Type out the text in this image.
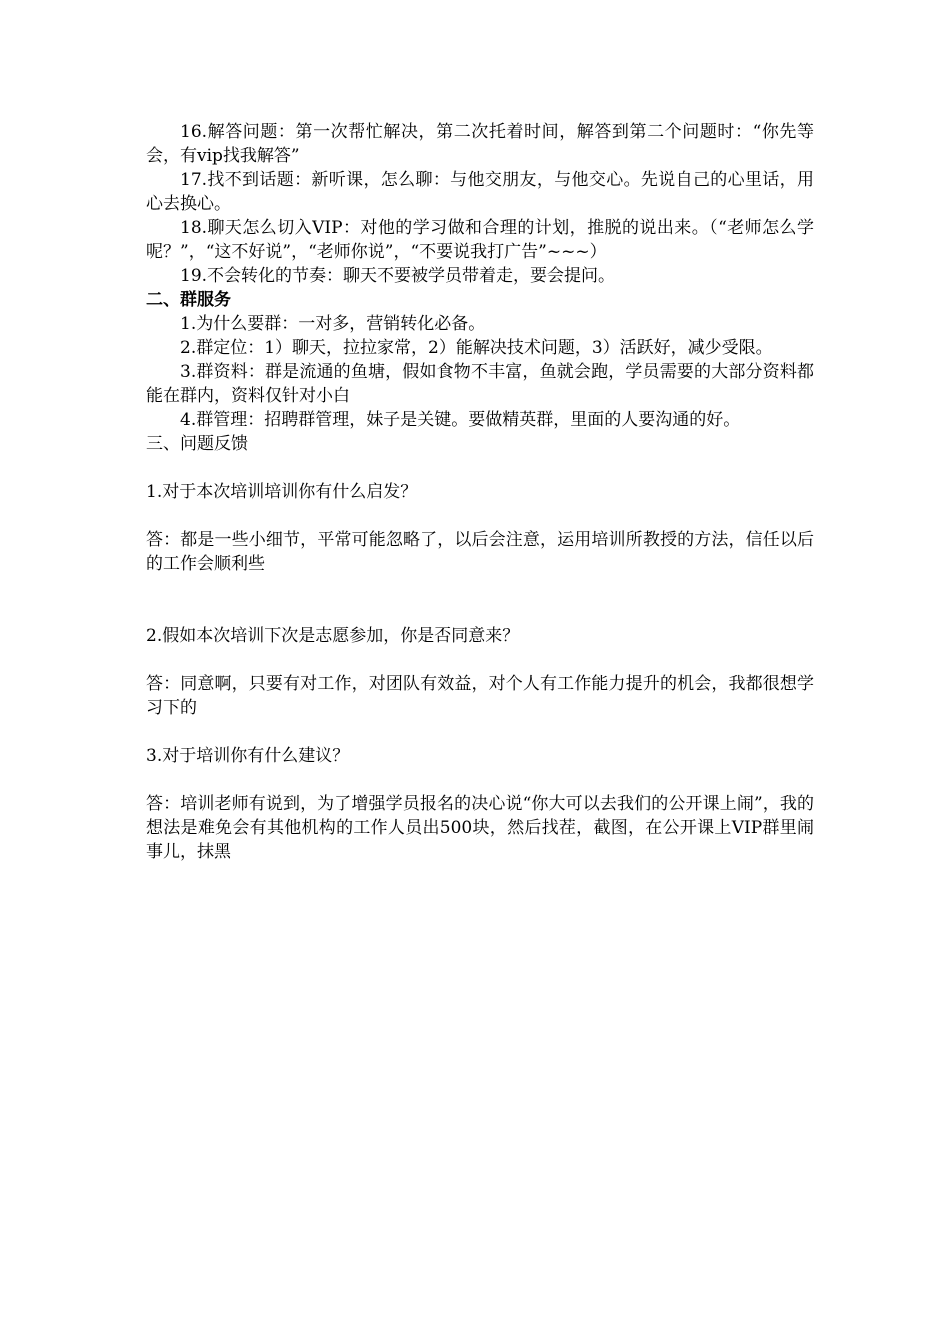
16.解答问题：第一次帮忙解决，第二次托着时间，解答到第二个问题时：“你先等会，有vip找我解答”

17.找不到话题：新听课，怎么聊：与他交朋友，与他交心。先说自己的心里话，用心去换心。

18.聊天怎么切入VIP：对他的学习做和合理的计划，推脱的说出来。（“老师怎么学呢？”，“这不好说”，“老师你说”，“不要说我打广告”~~~）

19.不会转化的节奏：聊天不要被学员带着走，要会提问。

二、群服务

1.为什么要群：一对多，营销转化必备。

2.群定位：1）聊天，拉拉家常，2）能解决技术问题，3）活跃好，减少受限。

3.群资料：群是流通的鱼塘，假如食物不丰富，鱼就会跑，学员需要的大部分资料都能在群内，资料仅针对小白

4.群管理：招聘群管理，妹子是关键。要做精英群，里面的人要沟通的好。

三、问题反馈

1.对于本次培训培训你有什么启发？

答：都是一些小细节，平常可能忽略了，以后会注意，运用培训所教授的方法，信任以后的工作会顺利些

2.假如本次培训下次是志愿参加，你是否同意来？

答：同意啊，只要有对工作，对团队有效益，对个人有工作能力提升的机会，我都很想学习下的

3.对于培训你有什么建议？

答：培训老师有说到，为了增强学员报名的决心说“你大可以去我们的公开课上闹”，我的想法是难免会有其他机构的工作人员出500块，然后找茬，截图，在公开课上VIP群里闹事儿，抹黑
